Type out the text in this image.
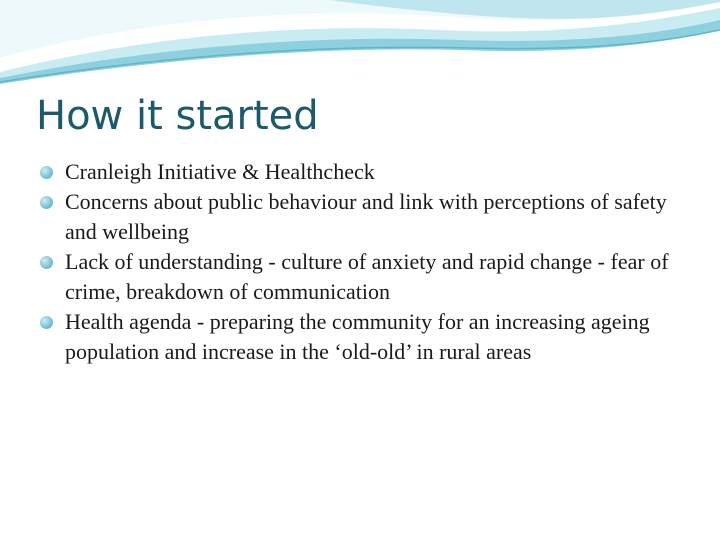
How it started
Cranleigh Initiative & Healthcheck
Concerns about public behaviour and link with perceptions of safety and wellbeing
Lack of understanding - culture of anxiety and rapid change - fear of crime, breakdown of communication
Health agenda - preparing the community for an increasing ageing population and increase in the ‘old-old’ in rural areas
